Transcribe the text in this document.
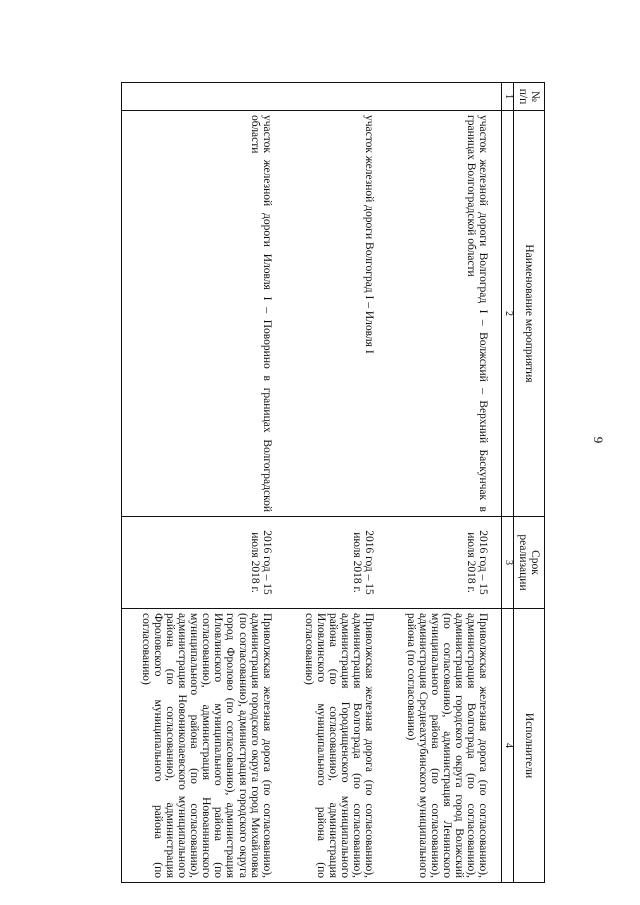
9
№ п/п	Наименование мероприятия	Срок реализации	Исполнители
1	2	3	4
	участок железной дороги Волгоград I – Волжский – Верхний Баскунчак в границах Волгоградской области	2016 год – 15 июля 2018 г.	Приволжская железная дорога (по согласованию), администрация Волгограда (по согласованию), администрация городского округа город Волжский (по согласованию), администрация Ленинского муниципального района (по согласованию), администрация Среднеахтубинского муниципального района (по согласованию)
	участок железной дороги Волгоград I – Иловля I	2016 год – 15 июля 2018 г.	Приволжская железная дорога (по согласованию), администрация Волгограда (по согласованию), администрация Городищенского муниципального района (по согласованию), администрация Иловлинского муниципального района (по согласованию)
	участок железной дороги Иловля I – Поворино в границах Волгоградской области	2016 год – 15 июля 2018 г.	Приволжская железная дорога (по согласованию), администрация городского округа город Михайловка (по согласованию), администрация городского округа город Фролово (по согласованию), администрация Иловлинского муниципального района (по согласованию), администрация Новоаннинского муниципального района (по согласованию), администрация Новониколаевского муниципального района (по согласованию), администрация Фроловского муниципального района (по согласованию)
